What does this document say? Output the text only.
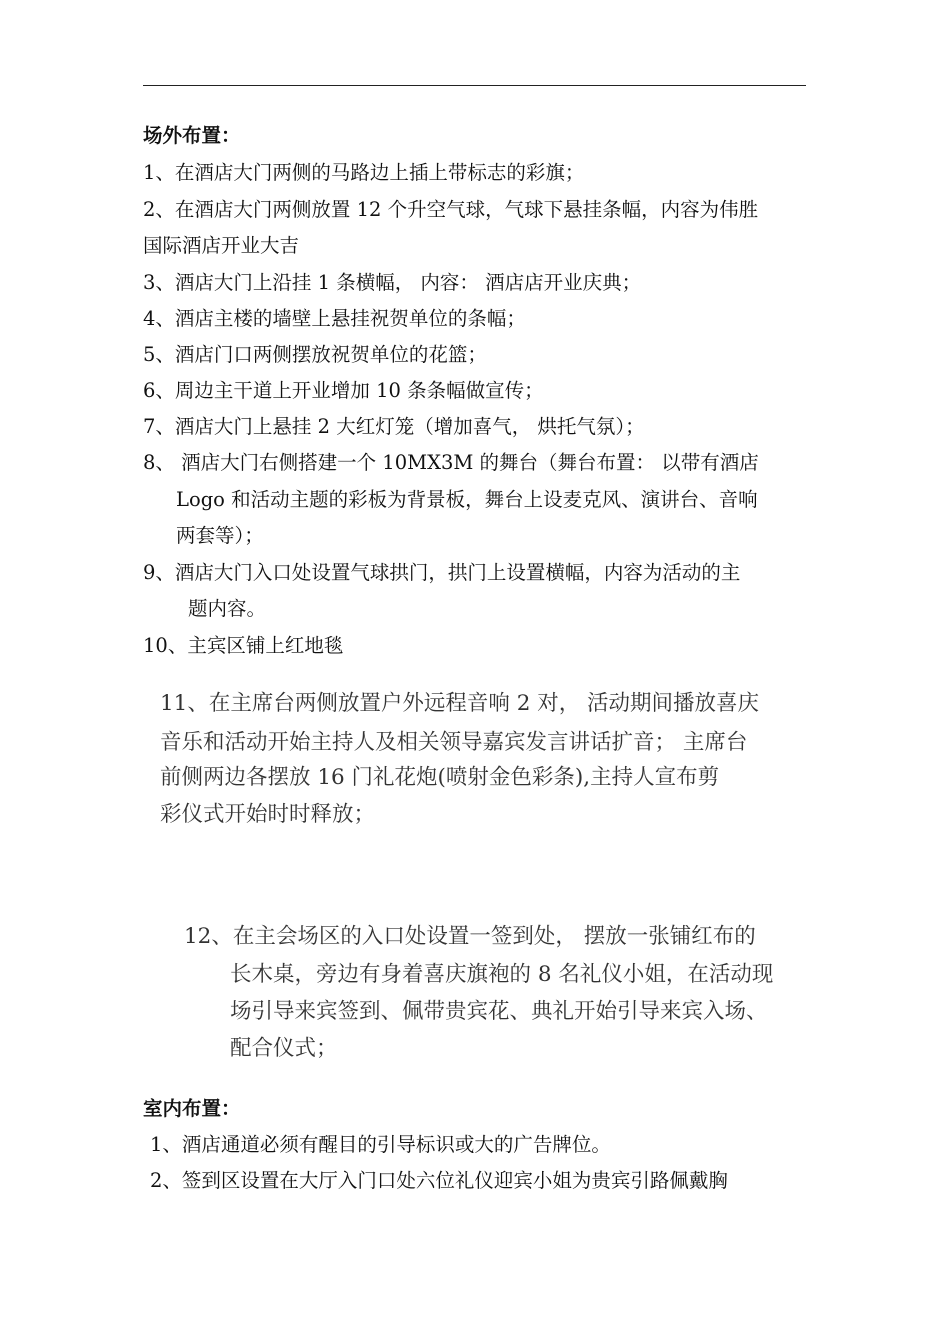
场外布置：
1、在酒店大门两侧的马路边上插上带标志的彩旗；
2、在酒店大门两侧放置 12 个升空气球，气球下悬挂条幅，内容为伟胜
国际酒店开业大吉
3、酒店大门上沿挂 1 条横幅， 内容： 酒店店开业庆典；
4、酒店主楼的墙壁上悬挂祝贺单位的条幅；
5、酒店门口两侧摆放祝贺单位的花篮；
6、周边主干道上开业增加 10 条条幅做宣传；
7、酒店大门上悬挂 2 大红灯笼（增加喜气， 烘托气氛）；
8、 酒店大门右侧搭建一个 10MX3M 的舞台（舞台布置： 以带有酒店
Logo 和活动主题的彩板为背景板，舞台上设麦克风、演讲台、音响
两套等）；
9、酒店大门入口处设置气球拱门，拱门上设置横幅，内容为活动的主
题内容。
10、主宾区铺上红地毯
11、在主席台两侧放置户外远程音响 2 对， 活动期间播放喜庆
音乐和活动开始主持人及相关领导嘉宾发言讲话扩音； 主席台
前侧两边各摆放 16 门礼花炮(喷射金色彩条),主持人宣布剪
彩仪式开始时时释放；
12、在主会场区的入口处设置一签到处， 摆放一张铺红布的
长木桌，旁边有身着喜庆旗袍的 8 名礼仪小姐，在活动现
场引导来宾签到、佩带贵宾花、典礼开始引导来宾入场、
配合仪式；
室内布置：
1、酒店通道必须有醒目的引导标识或大的广告牌位。
2、签到区设置在大厅入门口处六位礼仪迎宾小姐为贵宾引路佩戴胸
